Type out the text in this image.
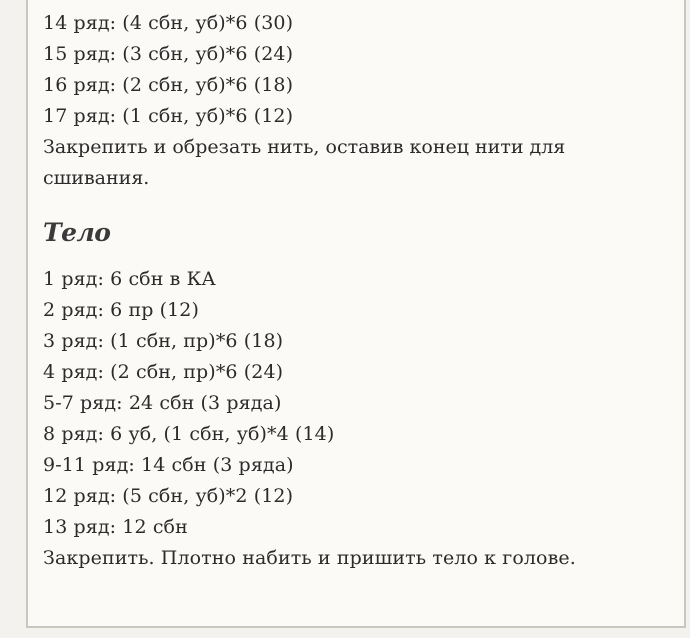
14 ряд: (4 сбн, уб)*6 (30)
15 ряд: (3 сбн, уб)*6 (24)
16 ряд: (2 сбн, уб)*6 (18)
17 ряд: (1 сбн, уб)*6 (12)
Закрепить и обрезать нить, оставив конец нити для сшивания.
Тело
1 ряд: 6 сбн в КА
2 ряд: 6 пр (12)
3 ряд: (1 сбн, пр)*6 (18)
4 ряд: (2 сбн, пр)*6 (24)
5-7 ряд: 24 сбн (3 ряда)
8 ряд: 6 уб, (1 сбн, уб)*4 (14)
9-11 ряд: 14 сбн (3 ряда)
12 ряд: (5 сбн, уб)*2 (12)
13 ряд: 12 сбн
Закрепить. Плотно набить и пришить тело к голове.
